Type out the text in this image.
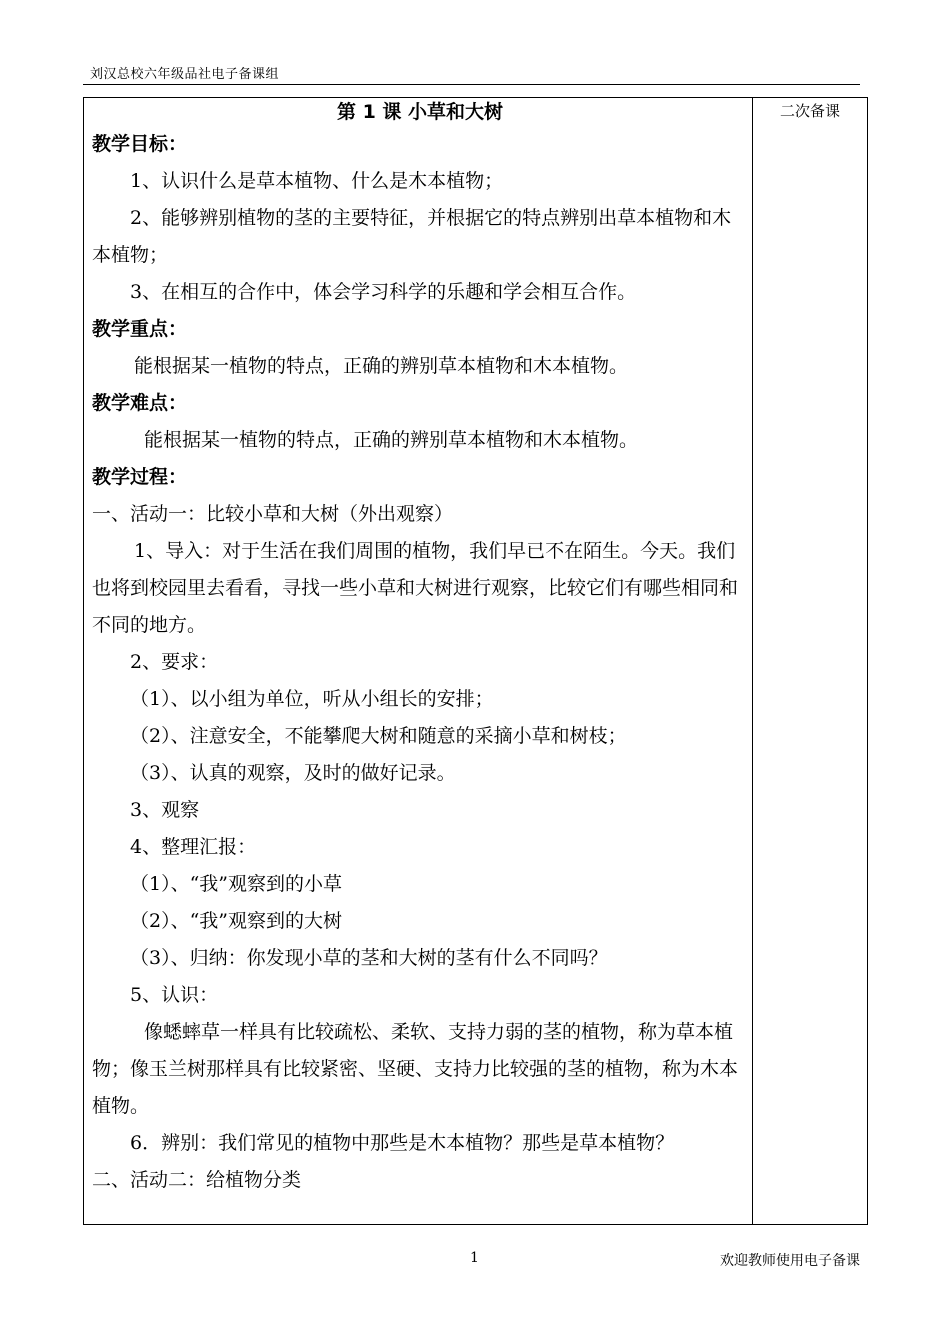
刘汉总校六年级品社电子备课组
第 1 课 小草和大树

教学目标：

1、认识什么是草本植物、什么是木本植物；

2、能够辨别植物的茎的主要特征，并根据它的特点辨别出草本植物和木本植物；

3、在相互的合作中，体会学习科学的乐趣和学会相互合作。

教学重点：

能根据某一植物的特点，正确的辨别草本植物和木本植物。

教学难点：

能根据某一植物的特点，正确的辨别草本植物和木本植物。

教学过程：

一、活动一：比较小草和大树（外出观察）

1、导入：对于生活在我们周围的植物，我们早已不在陌生。今天。我们也将到校园里去看看，寻找一些小草和大树进行观察，比较它们有哪些相同和不同的地方。

2、要求：

（1）、以小组为单位，听从小组长的安排；

（2）、注意安全，不能攀爬大树和随意的采摘小草和树枝；

（3）、认真的观察，及时的做好记录。

3、观察

4、整理汇报：

（1）、“我”观察到的小草

（2）、“我”观察到的大树

（3）、归纳：你发现小草的茎和大树的茎有什么不同吗？

5、认识：

像蟋蟀草一样具有比较疏松、柔软、支持力弱的茎的植物，称为草本植物；像玉兰树那样具有比较紧密、坚硬、支持力比较强的茎的植物，称为木本植物。

6．辨别：我们常见的植物中那些是木本植物？那些是草本植物？

二、活动二：给植物分类

二次备课
1	欢迎教师使用电子备课
